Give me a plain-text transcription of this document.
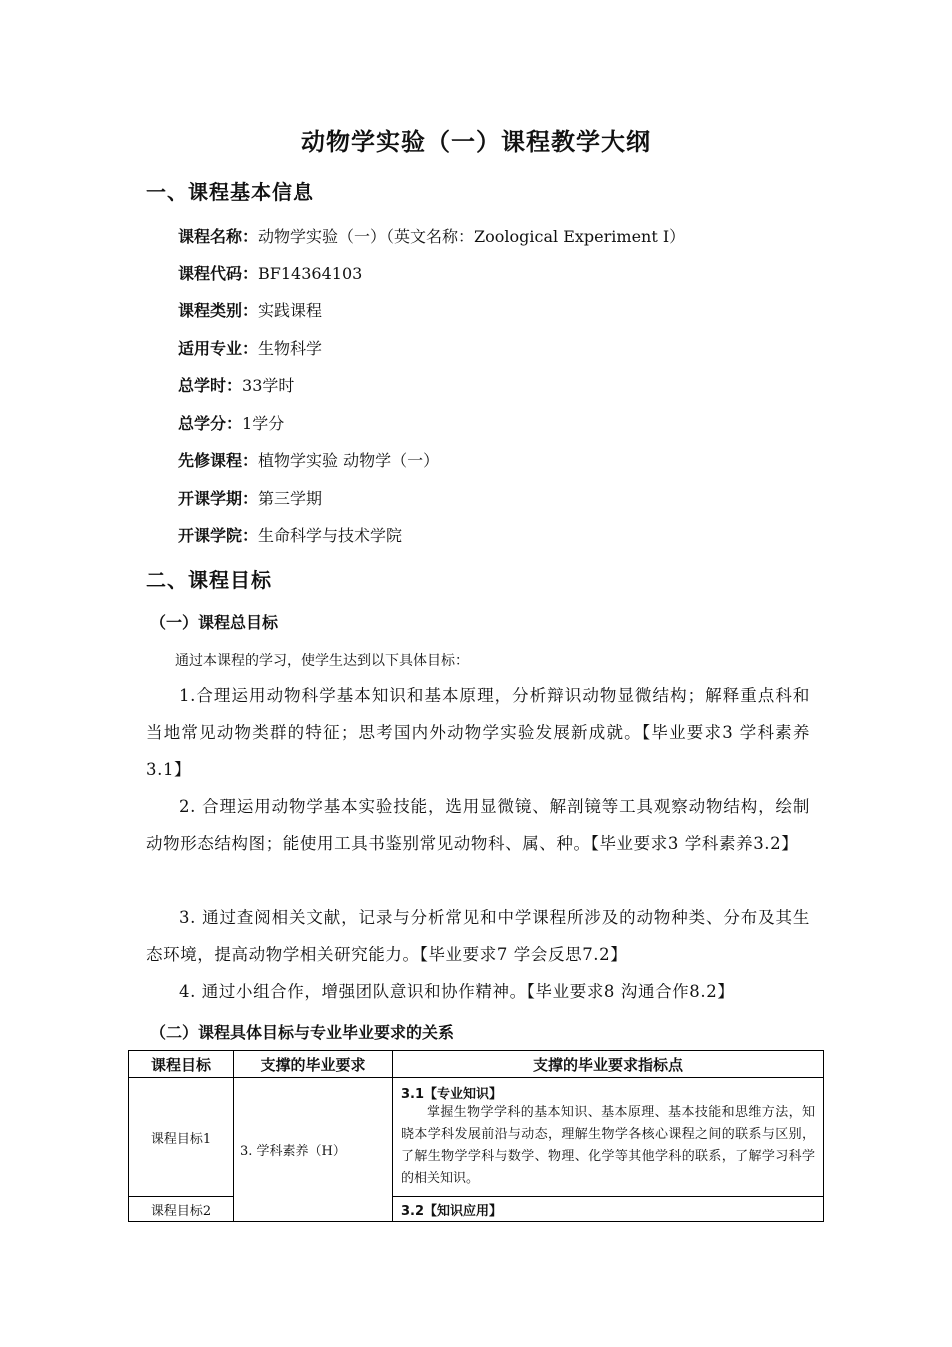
动物学实验（一）课程教学大纲
一、课程基本信息
课程名称：动物学实验（一）（英文名称：Zoological Experiment Ⅰ）
课程代码：BF14364103
课程类别：实践课程
适用专业：生物科学
总学时：33学时
总学分：1学分
先修课程：植物学实验 动物学（一）
开课学期：第三学期
开课学院：生命科学与技术学院
二、课程目标
（一）课程总目标
通过本课程的学习，使学生达到以下具体目标：
1.合理运用动物科学基本知识和基本原理，分析辩识动物显微结构；解释重点科和当地常见动物类群的特征；思考国内外动物学实验发展新成就。【毕业要求3 学科素养3.1】
2. 合理运用动物学基本实验技能，选用显微镜、解剖镜等工具观察动物结构，绘制动物形态结构图；能使用工具书鉴别常见动物科、属、种。【毕业要求3 学科素养3.2】
3. 通过查阅相关文献，记录与分析常见和中学课程所涉及的动物种类、分布及其生态环境，提高动物学相关研究能力。【毕业要求7 学会反思7.2】
4. 通过小组合作，增强团队意识和协作精神。【毕业要求8 沟通合作8.2】
（二）课程具体目标与专业毕业要求的关系
课程目标	支撑的毕业要求	支撑的毕业要求指标点
课程目标1	3. 学科素养（H）	3.1【专业知识】
掌握生物学学科的基本知识、基本原理、基本技能和思维方法，知晓本学科发展前沿与动态，理解生物学各核心课程之间的联系与区别，了解生物学学科与数学、物理、化学等其他学科的联系，了解学习科学的相关知识。

课程目标2		3.2【知识应用】
